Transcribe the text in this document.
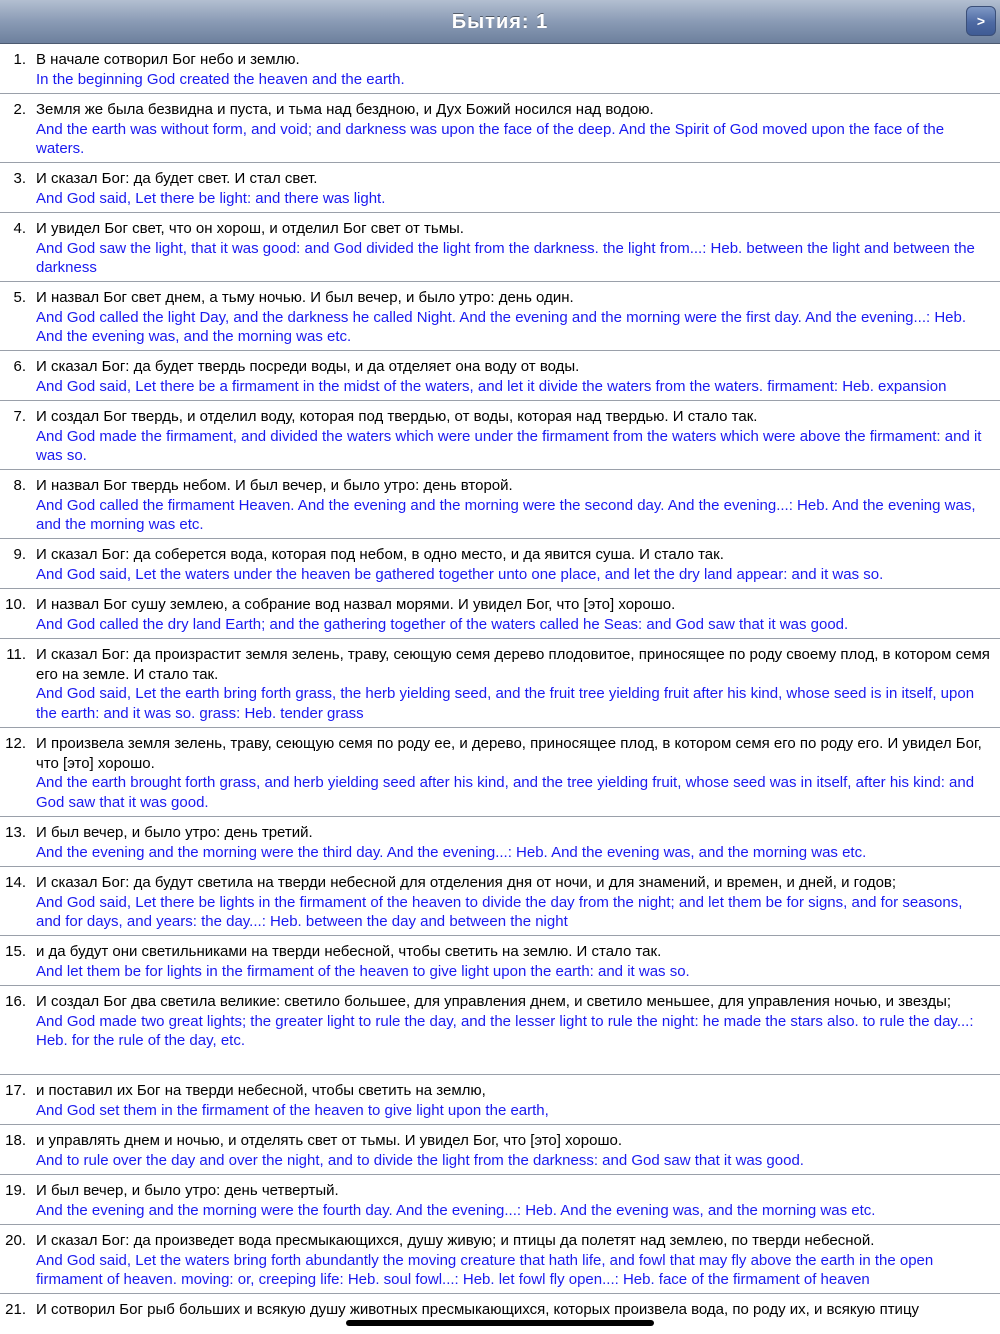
Бытия: 1	>
1. В начале сотворил Бог небо и землю.
In the beginning God created the heaven and the earth.
2. Земля же была безвидна и пуста, и тьма над бездною, и Дух Божий носился над водою.
And the earth was without form, and void; and darkness was upon the face of the deep. And the Spirit of God moved upon the face of the waters.
3. И сказал Бог: да будет свет. И стал свет.
And God said, Let there be light: and there was light.
4. И увидел Бог свет, что он хорош, и отделил Бог свет от тьмы.
And God saw the light, that it was good: and God divided the light from the darkness. the light from...: Heb. between the light and between the darkness
5. И назвал Бог свет днем, а тьму ночью. И был вечер, и было утро: день один.
And God called the light Day, and the darkness he called Night. And the evening and the morning were the first day. And the evening...: Heb. And the evening was, and the morning was etc.
6. И сказал Бог: да будет твердь посреди воды, и да отделяет она воду от воды.
And God said, Let there be a firmament in the midst of the waters, and let it divide the waters from the waters. firmament: Heb. expansion
7. И создал Бог твердь, и отделил воду, которая под твердью, от воды, которая над твердью. И стало так.
And God made the firmament, and divided the waters which were under the firmament from the waters which were above the firmament: and it was so.
8. И назвал Бог твердь небом. И был вечер, и было утро: день второй.
And God called the firmament Heaven. And the evening and the morning were the second day. And the evening...: Heb. And the evening was, and the morning was etc.
9. И сказал Бог: да соберется вода, которая под небом, в одно место, и да явится суша. И стало так.
And God said, Let the waters under the heaven be gathered together unto one place, and let the dry land appear: and it was so.
10. И назвал Бог сушу землею, а собрание вод назвал морями. И увидел Бог, что [это] хорошо.
And God called the dry land Earth; and the gathering together of the waters called he Seas: and God saw that it was good.
11. И сказал Бог: да произрастит земля зелень, траву, сеющую семя дерево плодовитое, приносящее по роду своему плод, в котором семя его на земле. И стало так.
And God said, Let the earth bring forth grass, the herb yielding seed, and the fruit tree yielding fruit after his kind, whose seed is in itself, upon the earth: and it was so. grass: Heb. tender grass
12. И произвела земля зелень, траву, сеющую семя по роду ее, и дерево, приносящее плод, в котором семя его по роду его. И увидел Бог, что [это] хорошо.
And the earth brought forth grass, and herb yielding seed after his kind, and the tree yielding fruit, whose seed was in itself, after his kind: and God saw that it was good.
13. И был вечер, и было утро: день третий.
And the evening and the morning were the third day. And the evening...: Heb. And the evening was, and the morning was etc.
14. И сказал Бог: да будут светила на тверди небесной для отделения дня от ночи, и для знамений, и времен, и дней, и годов;
And God said, Let there be lights in the firmament of the heaven to divide the day from the night; and let them be for signs, and for seasons, and for days, and years: the day...: Heb. between the day and between the night
15. и да будут они светильниками на тверди небесной, чтобы светить на землю. И стало так.
And let them be for lights in the firmament of the heaven to give light upon the earth: and it was so.
16. И создал Бог два светила великие: светило большее, для управления днем, и светило меньшее, для управления ночью, и звезды;
And God made two great lights; the greater light to rule the day, and the lesser light to rule the night: he made the stars also. to rule the day...: Heb. for the rule of the day, etc.
17. и поставил их Бог на тверди небесной, чтобы светить на землю,
And God set them in the firmament of the heaven to give light upon the earth,
18. и управлять днем и ночью, и отделять свет от тьмы. И увидел Бог, что [это] хорошо.
And to rule over the day and over the night, and to divide the light from the darkness: and God saw that it was good.
19. И был вечер, и было утро: день четвертый.
And the evening and the morning were the fourth day. And the evening...: Heb. And the evening was, and the morning was etc.
20. И сказал Бог: да произведет вода пресмыкающихся, душу живую; и птицы да полетят над землею, по тверди небесной.
And God said, Let the waters bring forth abundantly the moving creature that hath life, and fowl that may fly above the earth in the open firmament of heaven. moving: or, creeping life: Heb. soul fowl...: Heb. let fowl fly open...: Heb. face of the firmament of heaven
21. И сотворил Бог рыб больших и всякую душу животных пресмыкающихся, которых произвела вода, по роду их, и всякую птицу
